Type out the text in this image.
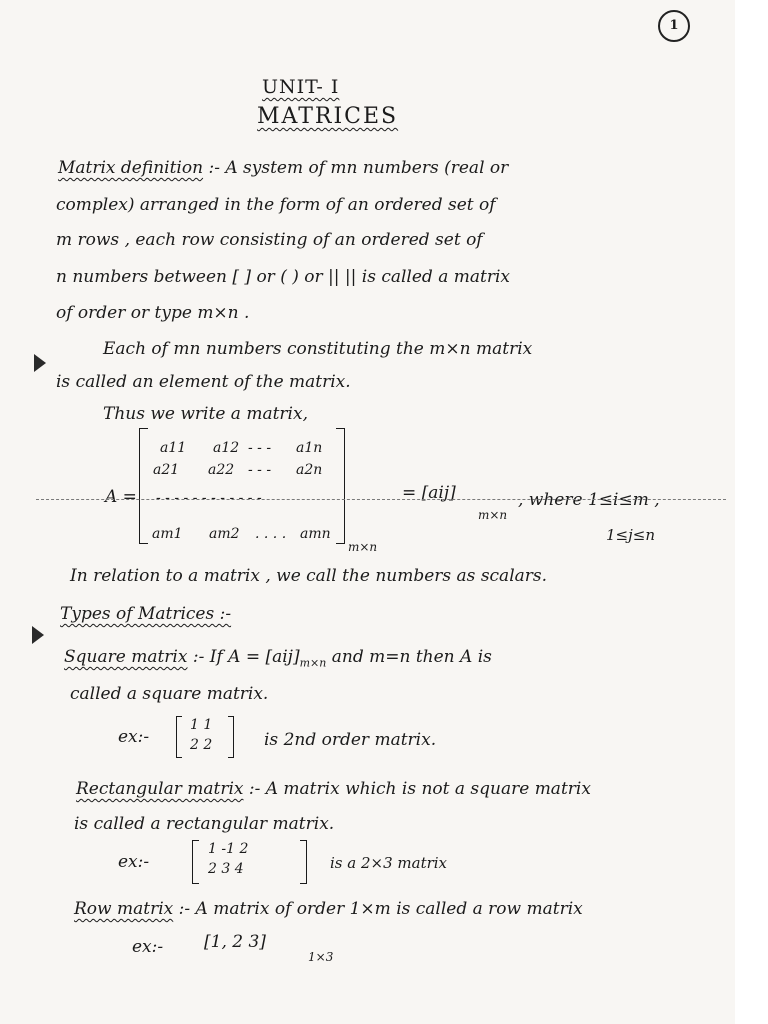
1
UNIT- I
MATRICES
Matrix definition :- A system of mn numbers (real or
complex) arranged in the form of an ordered set of
m rows , each row consisting of an ordered set of
n numbers between [ ] or ( ) or || || is called a matrix
of order or type m×n .
Each of mn numbers constituting the m×n matrix
is called an element of the matrix.
Thus we write a matrix,
A =
a11 a12 - - - a1n
a21 a22 - - - a2n
- - - - - - - - - - - -
am1 am2 . . . . amn
m×n
= [aij]
m×n
, where 1≤i≤m ,
1≤j≤n
In relation to a matrix , we call the numbers as scalars.
Types of Matrices :-
Square matrix :- If $A = [aij]_{m\times n}$ and m=n then A is
called a square matrix.
ex:-
1 1
2 2	is 2nd order matrix.
Rectangular matrix :- A matrix which is not a square matrix
is called a rectangular matrix.
ex:-
1 -1 2
2 3 4	is a 2×3 matrix
Row matrix :- A matrix of order 1×m is called a row matrix
ex:- [1, 2 3]
1×3
